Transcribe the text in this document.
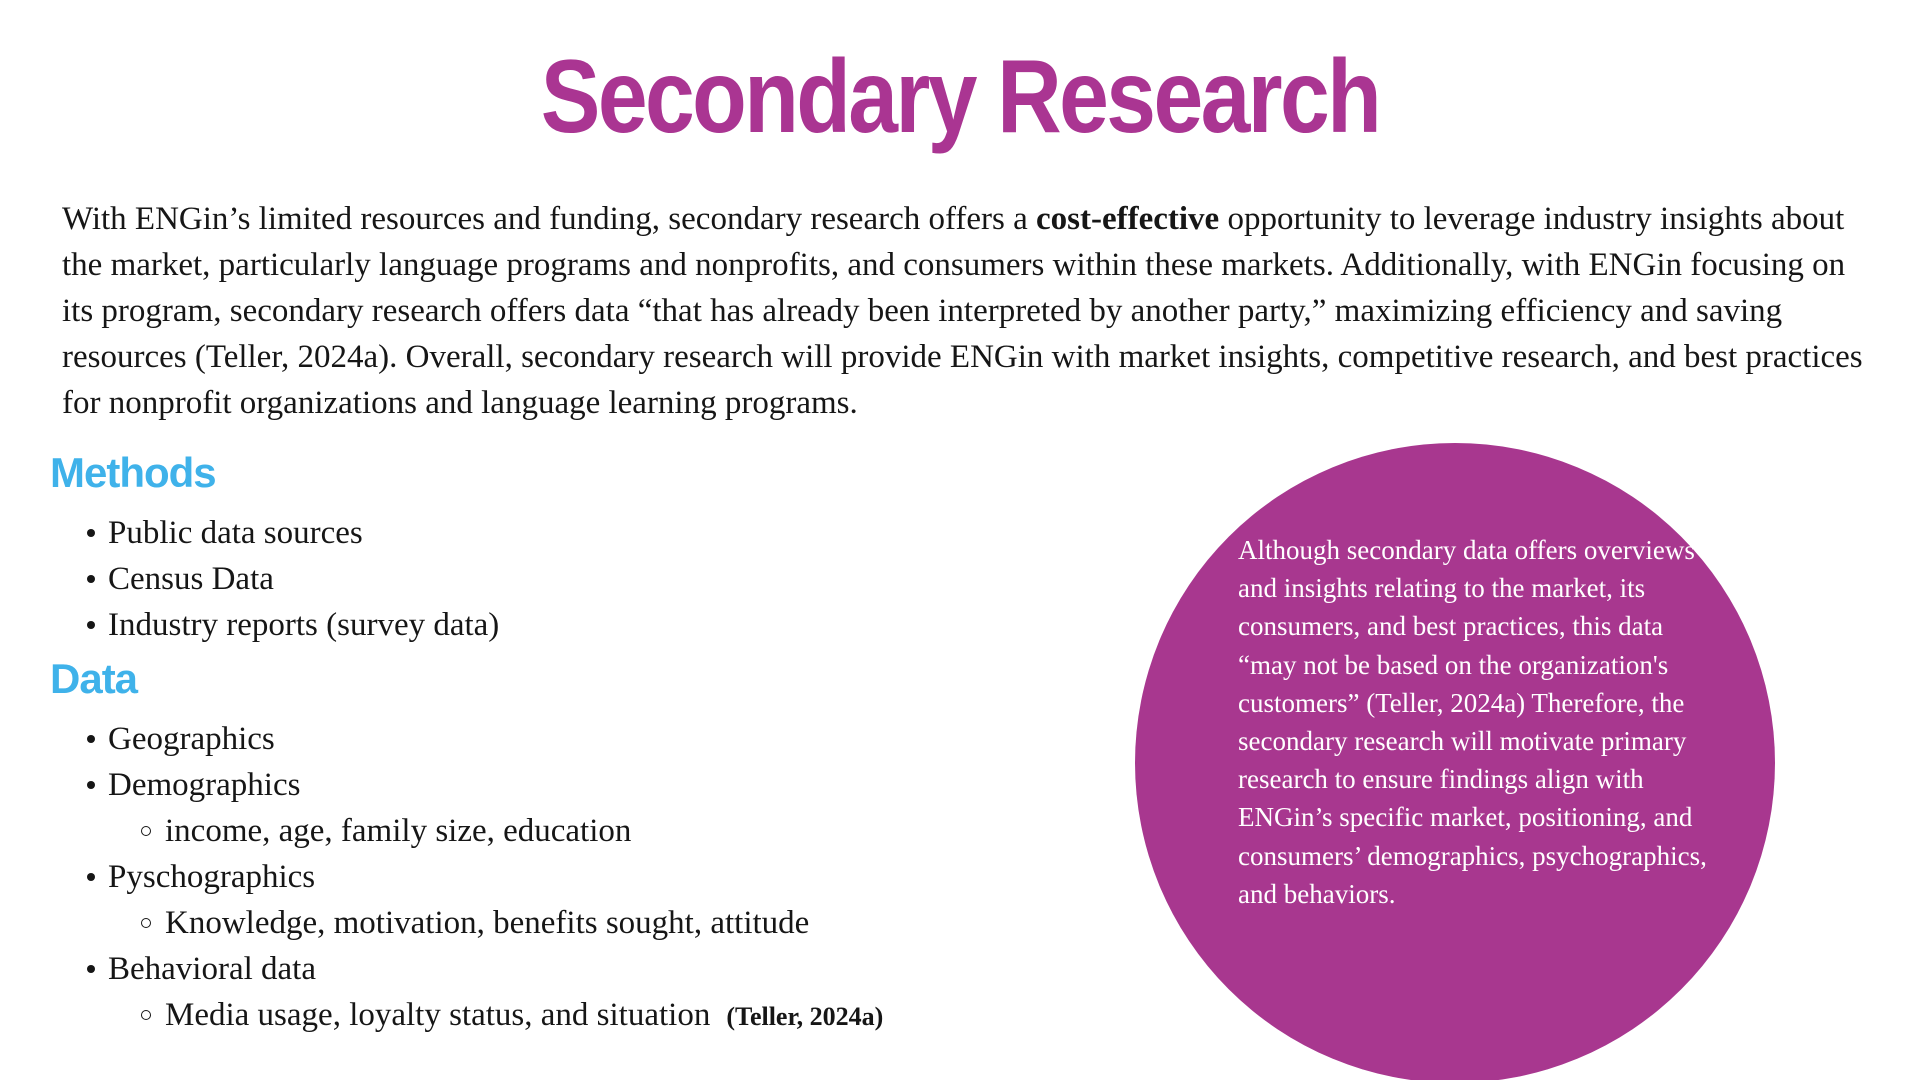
Secondary Research

With ENGin’s limited resources and funding, secondary research offers a cost-effective opportunity to leverage industry insights about the market, particularly language programs and nonprofits, and consumers within these markets. Additionally, with ENGin focusing on its program, secondary research offers data “that has already been interpreted by another party,” maximizing efficiency and saving resources (Teller, 2024a). Overall, secondary research will provide ENGin with market insights, competitive research, and best practices for nonprofit organizations and language learning programs.

Methods
Public data sources
Census Data
Industry reports (survey data)
Data
Geographics
Demographics
income, age, family size, education
Pyschographics
Knowledge, motivation, benefits sought, attitude
Behavioral data
Media usage, loyalty status, and situation (Teller, 2024a)

Although secondary data offers overviews and insights relating to the market, its consumers, and best practices, this data “may not be based on the organization's customers” (Teller, 2024a) Therefore, the secondary research will motivate primary research to ensure findings align with ENGin’s specific market, positioning, and consumers’ demographics, psychographics, and behaviors.
